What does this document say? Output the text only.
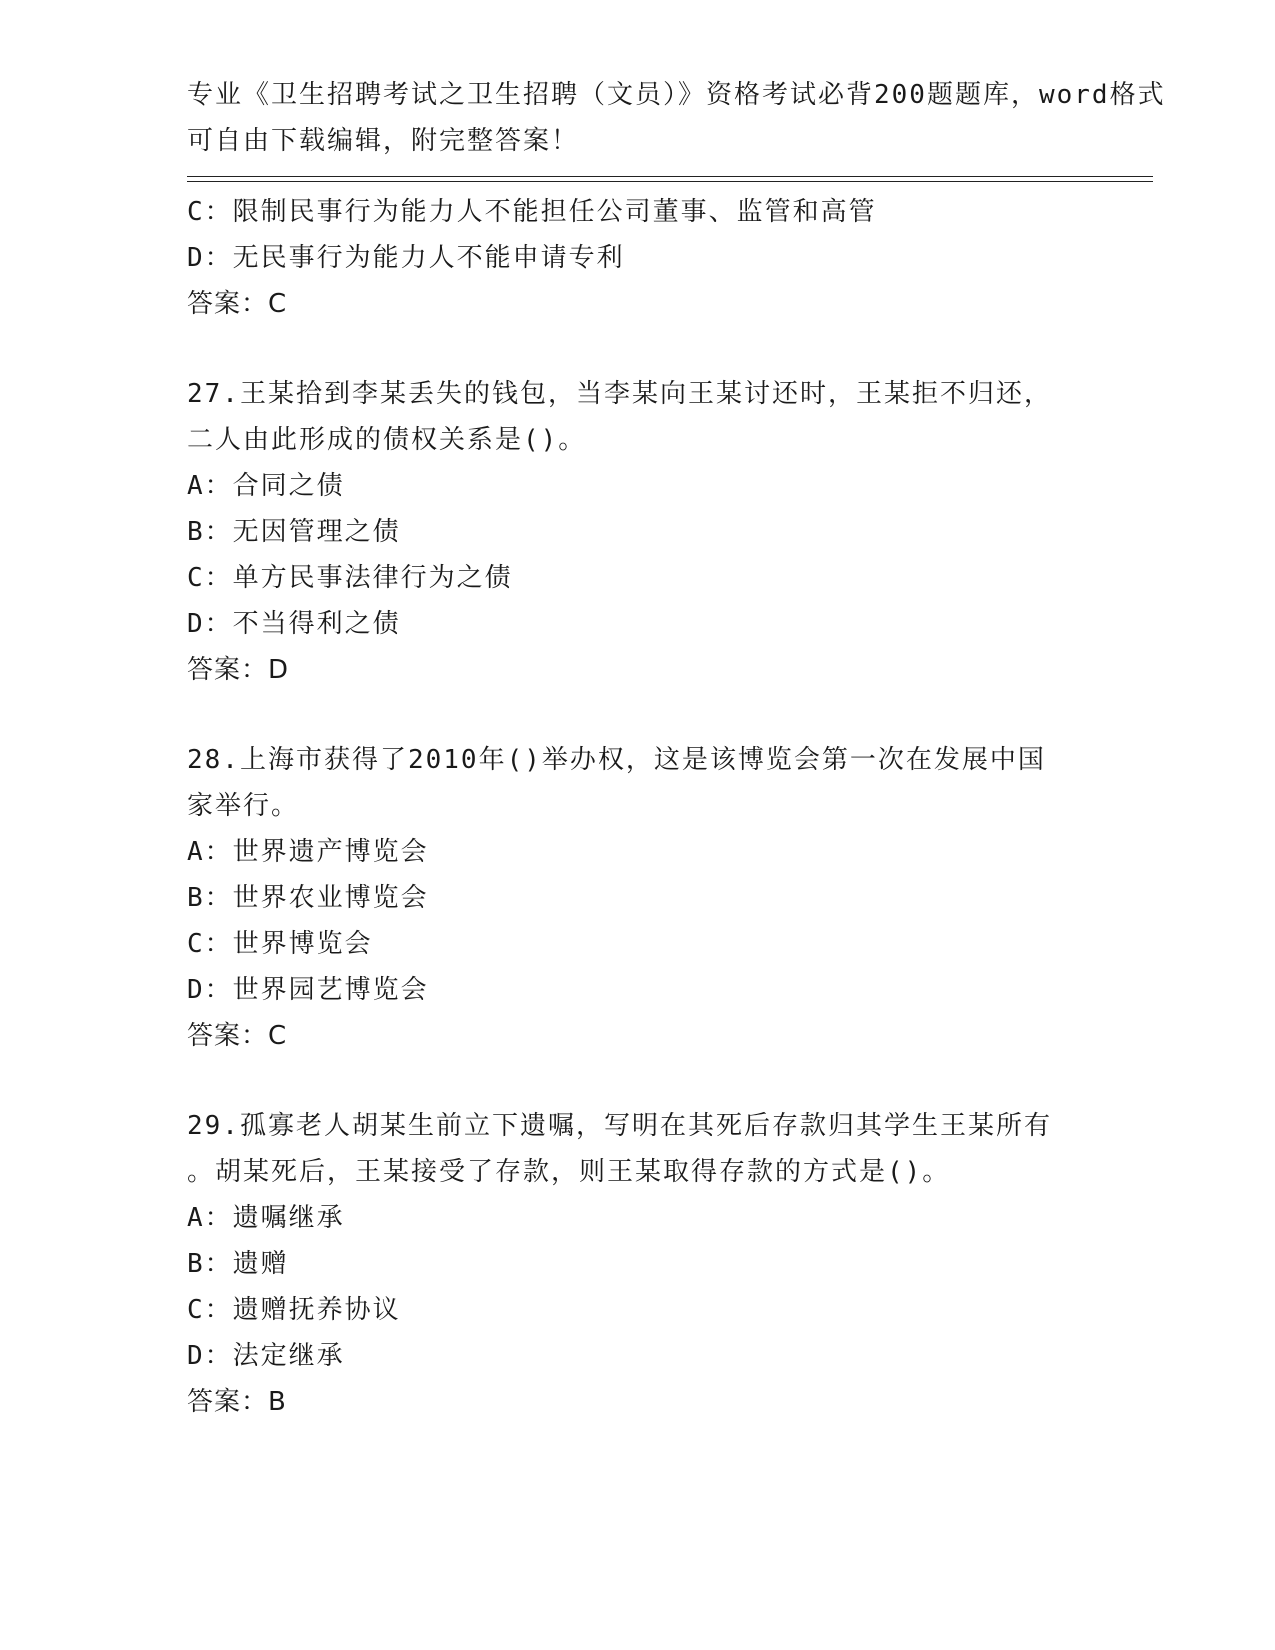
专业《卫生招聘考试之卫生招聘（文员）》资格考试必背200题题库，word格式
可自由下载编辑，附完整答案！
C：限制民事行为能力人不能担任公司董事、监管和高管
D：无民事行为能力人不能申请专利
答案：C
27.王某拾到李某丢失的钱包，当李某向王某讨还时，王某拒不归还，
二人由此形成的债权关系是()。
A：合同之债
B：无因管理之债
C：单方民事法律行为之债
D：不当得利之债
答案：D
28.上海市获得了2010年()举办权，这是该博览会第一次在发展中国
家举行。
A：世界遗产博览会
B：世界农业博览会
C：世界博览会
D：世界园艺博览会
答案：C
29.孤寡老人胡某生前立下遗嘱，写明在其死后存款归其学生王某所有
。胡某死后，王某接受了存款，则王某取得存款的方式是()。
A：遗嘱继承
B：遗赠
C：遗赠抚养协议
D：法定继承
答案：B
